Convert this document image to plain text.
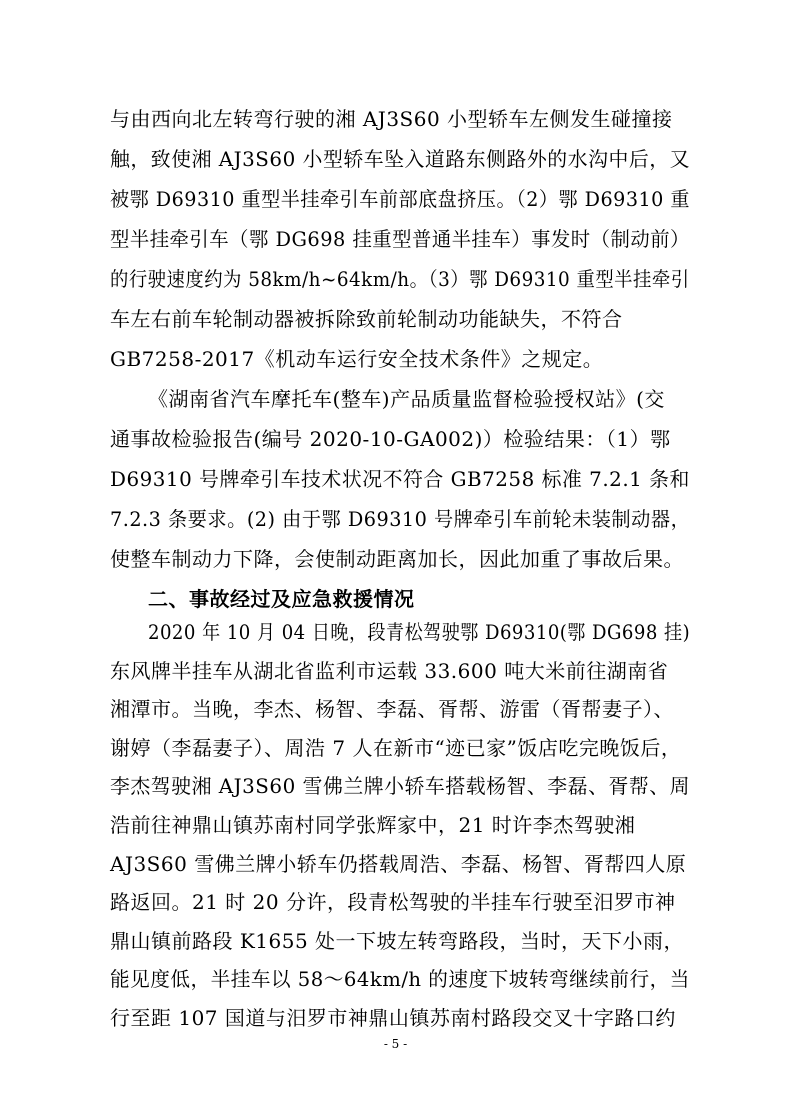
与由西向北左转弯行驶的湘 AJ3S60 小型轿车左侧发生碰撞接
触，致使湘 AJ3S60 小型轿车坠入道路东侧路外的水沟中后，又
被鄂 D69310 重型半挂牵引车前部底盘挤压。（2）鄂 D69310 重
型半挂牵引车（鄂 DG698 挂重型普通半挂车）事发时（制动前）
的行驶速度约为 58km/h~64km/h。（3）鄂 D69310 重型半挂牵引
车左右前车轮制动器被拆除致前轮制动功能缺失，不符合
GB7258-2017《机动车运行安全技术条件》之规定。
《湖南省汽车摩托车(整车)产品质量监督检验授权站》(交
通事故检验报告(编号 2020-10-GA002)）检验结果：（1）鄂
D69310 号牌牵引车技术状况不符合 GB7258 标准 7.2.1 条和
7.2.3 条要求。(2) 由于鄂 D69310 号牌牵引车前轮未装制动器，
使整车制动力下降，会使制动距离加长，因此加重了事故后果。
二、事故经过及应急救援情况
2020 年 10 月 04 日晚，段青松驾驶鄂 D69310(鄂 DG698 挂)
东风牌半挂车从湖北省监利市运载 33.600 吨大米前往湖南省
湘潭市。当晚，李杰、杨智、李磊、胥帮、游雷（胥帮妻子）、
谢婷（李磊妻子）、周浩 7 人在新市“迹已家”饭店吃完晚饭后，
李杰驾驶湘 AJ3S60 雪佛兰牌小轿车搭载杨智、李磊、胥帮、周
浩前往神鼎山镇苏南村同学张辉家中，21 时许李杰驾驶湘
AJ3S60 雪佛兰牌小轿车仍搭载周浩、李磊、杨智、胥帮四人原
路返回。21 时 20 分许，段青松驾驶的半挂车行驶至汨罗市神
鼎山镇前路段 K1655 处一下坡左转弯路段，当时，天下小雨，
能见度低，半挂车以 58～64km/h 的速度下坡转弯继续前行，当
- 5 -
行至距 107 国道与汨罗市神鼎山镇苏南村路段交叉十字路口约
